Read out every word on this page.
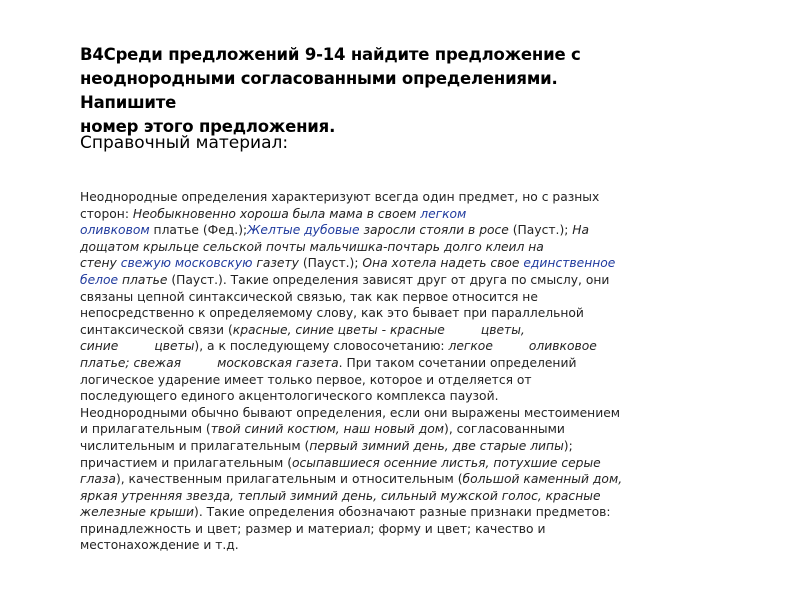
В4Среди предложений 9-14 найдите предложение с
неоднородными согласованными определениями. Напишите
номер этого предложения.
Справочный материал:
Неоднородные определения характеризуют всегда один предмет, но с разных
сторон: Необыкновенно хороша была мама в своем легком
оливковом платье (Фед.);Желтые дубовые заросли стояли в росе (Пауст.); На
дощатом крыльце сельской почты мальчишка-почтарь долго клеил на
стену свежую московскую газету (Пауст.); Она хотела надеть свое единственное
белое платье (Пауст.). Такие определения зависят друг от друга по смыслу, они
связаны цепной синтаксической связью, так как первое относится не
непосредственно к определяемому слову, как это бывает при параллельной
синтаксической связи (красные, синие цветы - красные	цветы,
синие	цветы), а к последующему словосочетанию: легкое	оливковое
платье; свежая	московская газета. При таком сочетании определений
логическое ударение имеет только первое, которое и отделяется от
последующего единого акцентологического комплекса паузой.
Неоднородными обычно бывают определения, если они выражены местоимением
и прилагательным (твой синий костюм, наш новый дом), согласованными
числительным и прилагательным (первый зимний день, две старые липы);
причастием и прилагательным (осыпавшиеся осенние листья, потухшие серые
глаза), качественным прилагательным и относительным (большой каменный дом,
яркая утренняя звезда, теплый зимний день, сильный мужской голос, красные
железные крыши). Такие определения обозначают разные признаки предметов:
принадлежность и цвет; размер и материал; форму и цвет; качество и
местонахождение и т.д.
